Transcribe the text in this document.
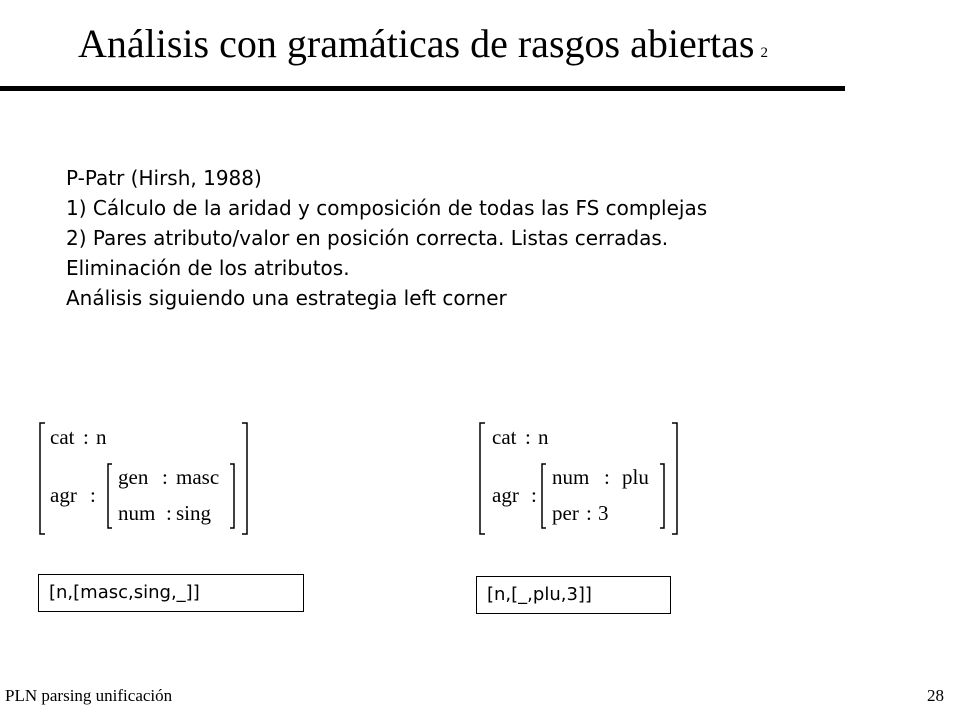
Análisis con gramáticas de rasgos abiertas 2
P-Patr (Hirsh, 1988)
1) Cálculo de la aridad y composición de todas las FS complejas
2) Pares atributo/valor en posición correcta. Listas cerradas.
Eliminación de los atributos.
Análisis siguiendo una estrategia left corner
cat : n
agr :
gen : masc
num : sing
cat : n
agr :
num : plu
per : 3
[n,[masc,sing,_]]	[n,[_,plu,3]]
PLN parsing unificación	28
